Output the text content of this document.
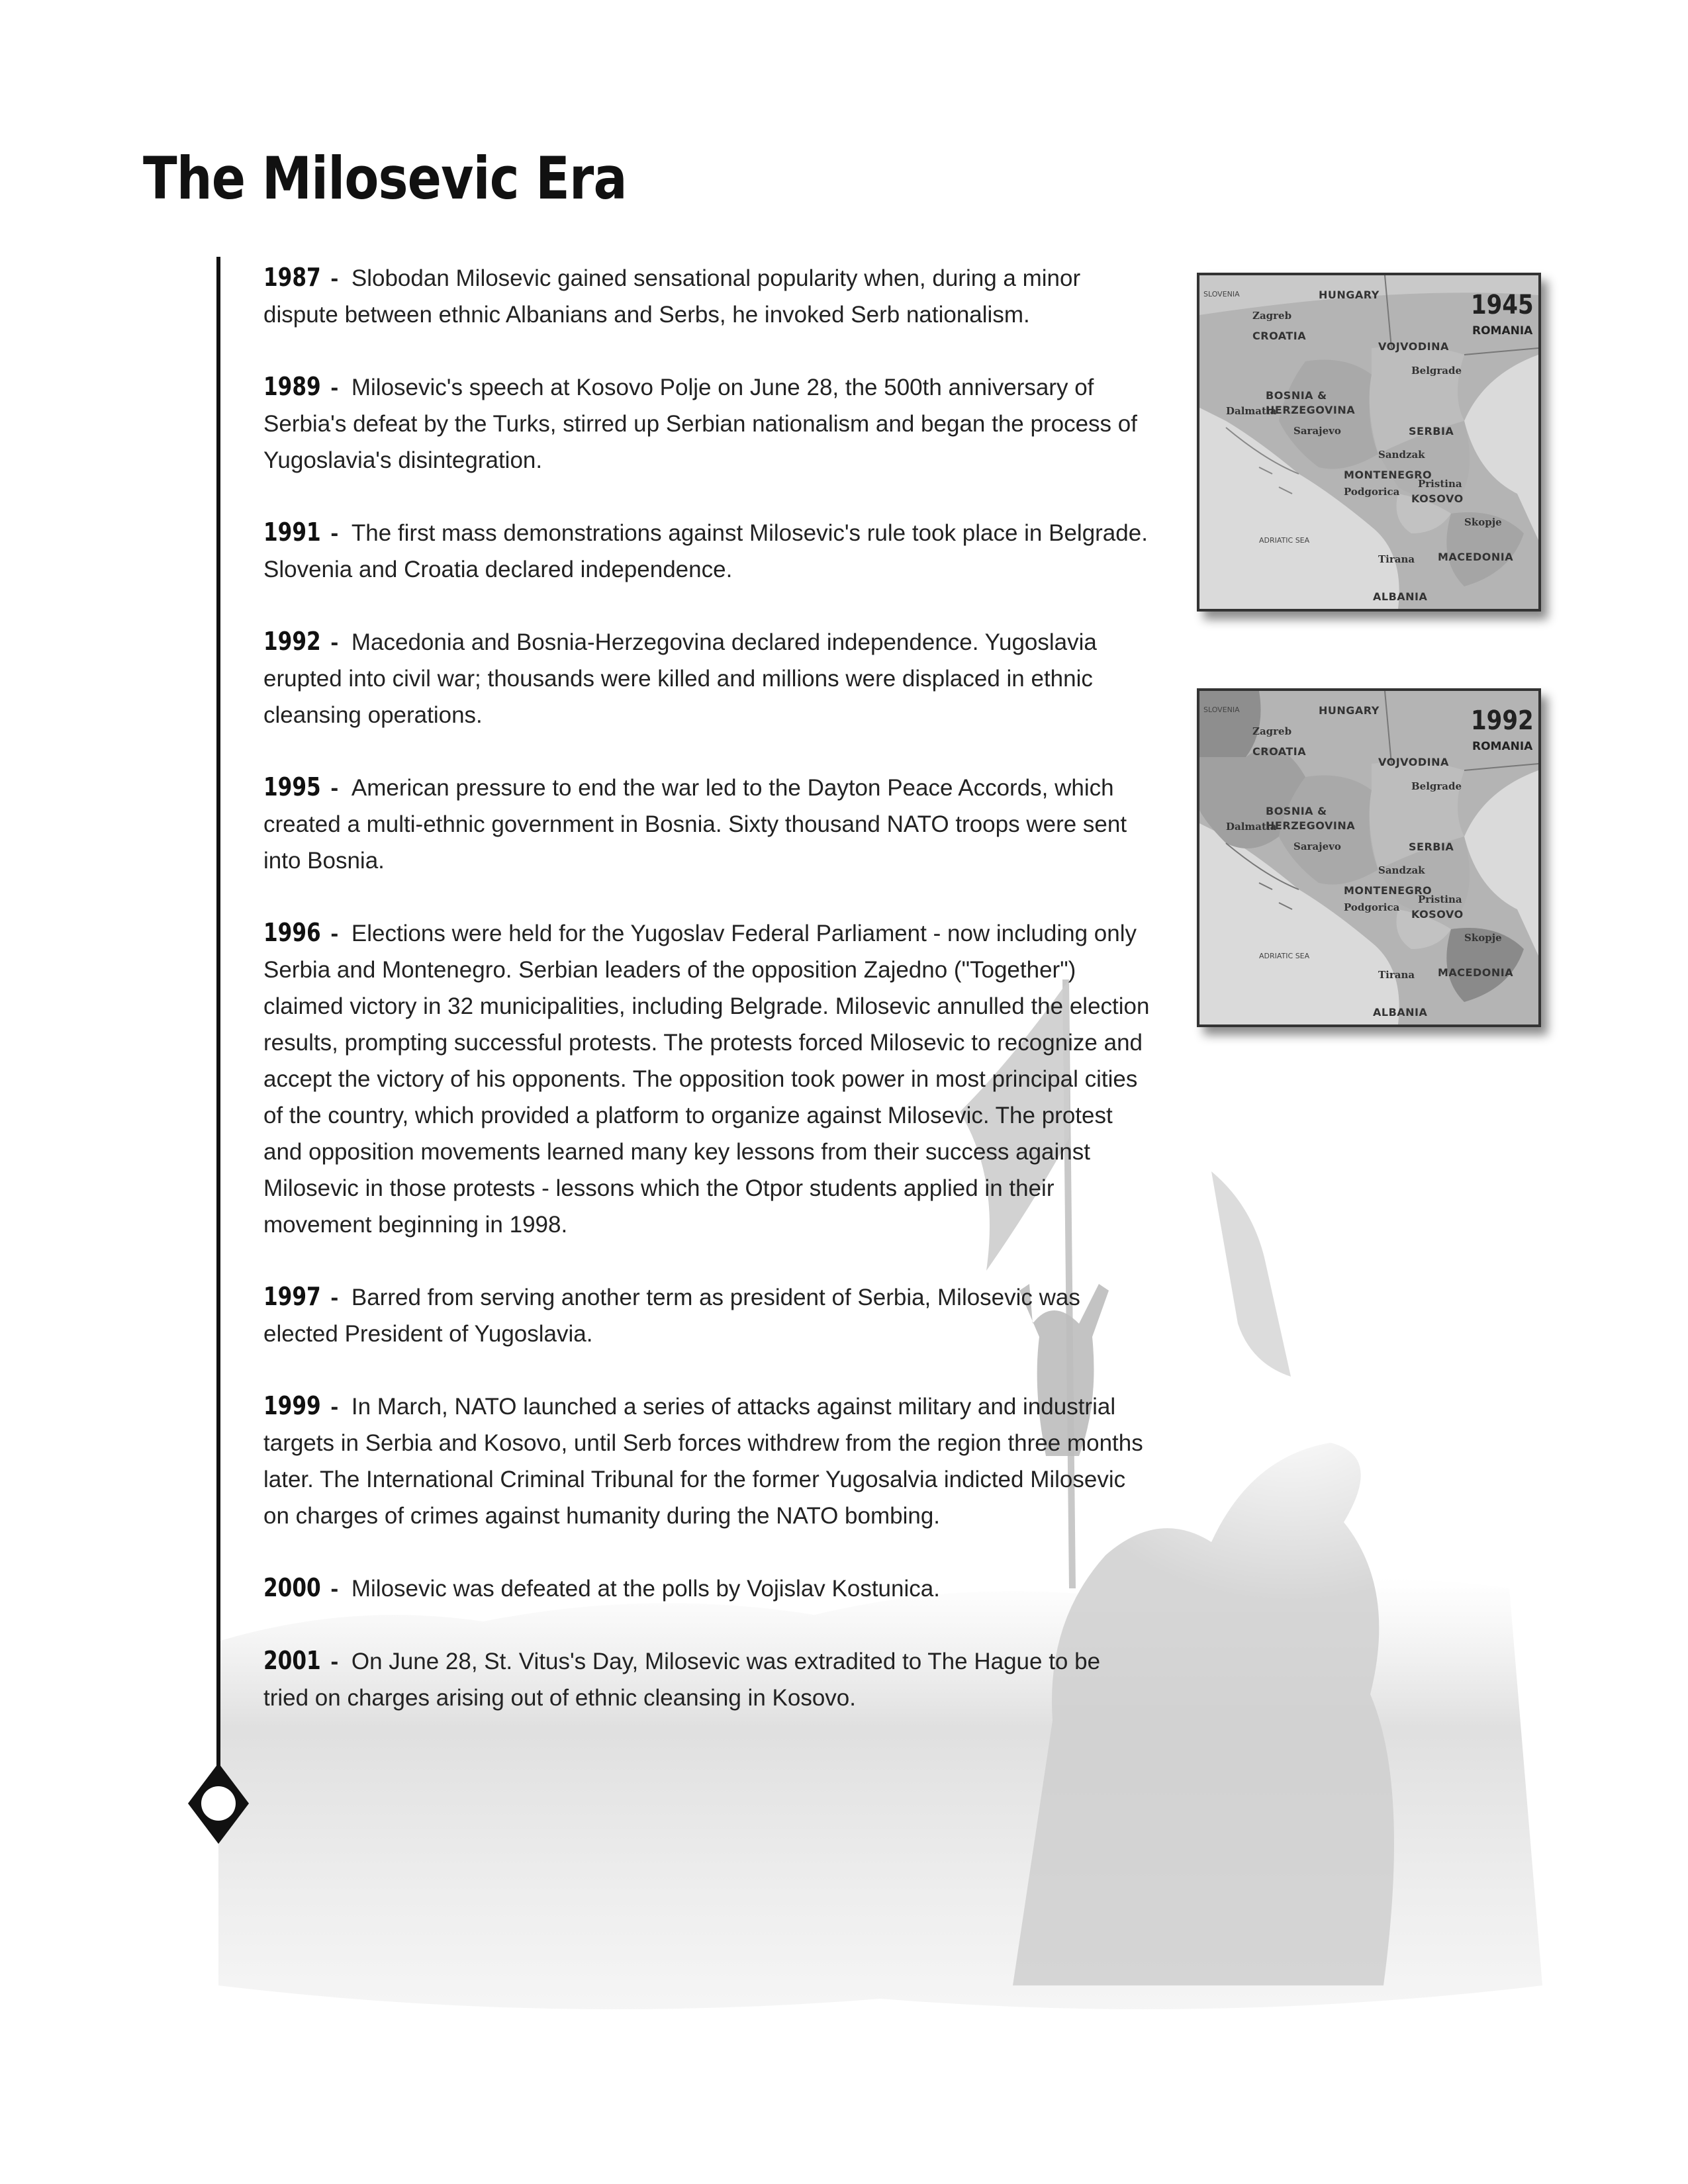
The Milosevic Era

1987 - Slobodan Milosevic gained sensational popularity when, during a minor dispute between ethnic Albanians and Serbs, he invoked Serb nationalism.

1989 - Milosevic's speech at Kosovo Polje on June 28, the 500th anniversary of Serbia's defeat by the Turks, stirred up Serbian nationalism and began the process of Yugoslavia's disintegration.

1991 - The first mass demonstrations against Milosevic's rule took place in Belgrade. Slovenia and Croatia declared independence.

1992 - Macedonia and Bosnia-Herzegovina declared independence. Yugoslavia erupted into civil war; thousands were killed and millions were displaced in ethnic cleansing operations.

1995 - American pressure to end the war led to the Dayton Peace Accords, which created a multi-ethnic government in Bosnia. Sixty thousand NATO troops were sent into Bosnia.

1996 - Elections were held for the Yugoslav Federal Parliament - now including only Serbia and Montenegro. Serbian leaders of the opposition Zajedno ("Together") claimed victory in 32 municipalities, including Belgrade. Milosevic annulled the election results, prompting successful protests. The protests forced Milosevic to recognize and accept the victory of his opponents. The opposition took power in most principal cities of the country, which provided a platform to organize against Milosevic. The protest and opposition movements learned many key lessons from their success against Milosevic in those protests - lessons which the Otpor students applied in their movement beginning in 1998.

1997 - Barred from serving another term as president of Serbia, Milosevic was elected President of Yugoslavia.

1999 - In March, NATO launched a series of attacks against military and industrial targets in Serbia and Kosovo, until Serb forces withdrew from the region three months later. The International Criminal Tribunal for the former Yugosalvia indicted Milosevic on charges of crimes against humanity during the NATO bombing.

2000 - Milosevic was defeated at the polls by Vojislav Kostunica.

2001 - On June 28, St. Vitus's Day, Milosevic was extradited to The Hague to be tried on charges arising out of ethnic cleansing in Kosovo.

SLOVENIA	HUNGARY	1945
ROMANIA
Zagreb
CROATIA
VOJVODINA
Belgrade
BOSNIA &
HERZEGOVINA
Dalmatia
SERBIA
Sarajevo
Sandzak
MONTENEGRO
Podgorica
Pristina
KOSOVO
Skopje
ADRIATIC SEA
Tirana MACEDONIA
ALBANIA
SLOVENIA	HUNGARY	1992
ROMANIA
Zagreb
CROATIA
VOJVODINA
Belgrade
BOSNIA &
HERZEGOVINA
Dalmatia
SERBIA
Sarajevo
Sandzak
MONTENEGRO
Podgorica
Pristina
KOSOVO
Skopje
ADRIATIC SEA
Tirana MACEDONIA
ALBANIA
